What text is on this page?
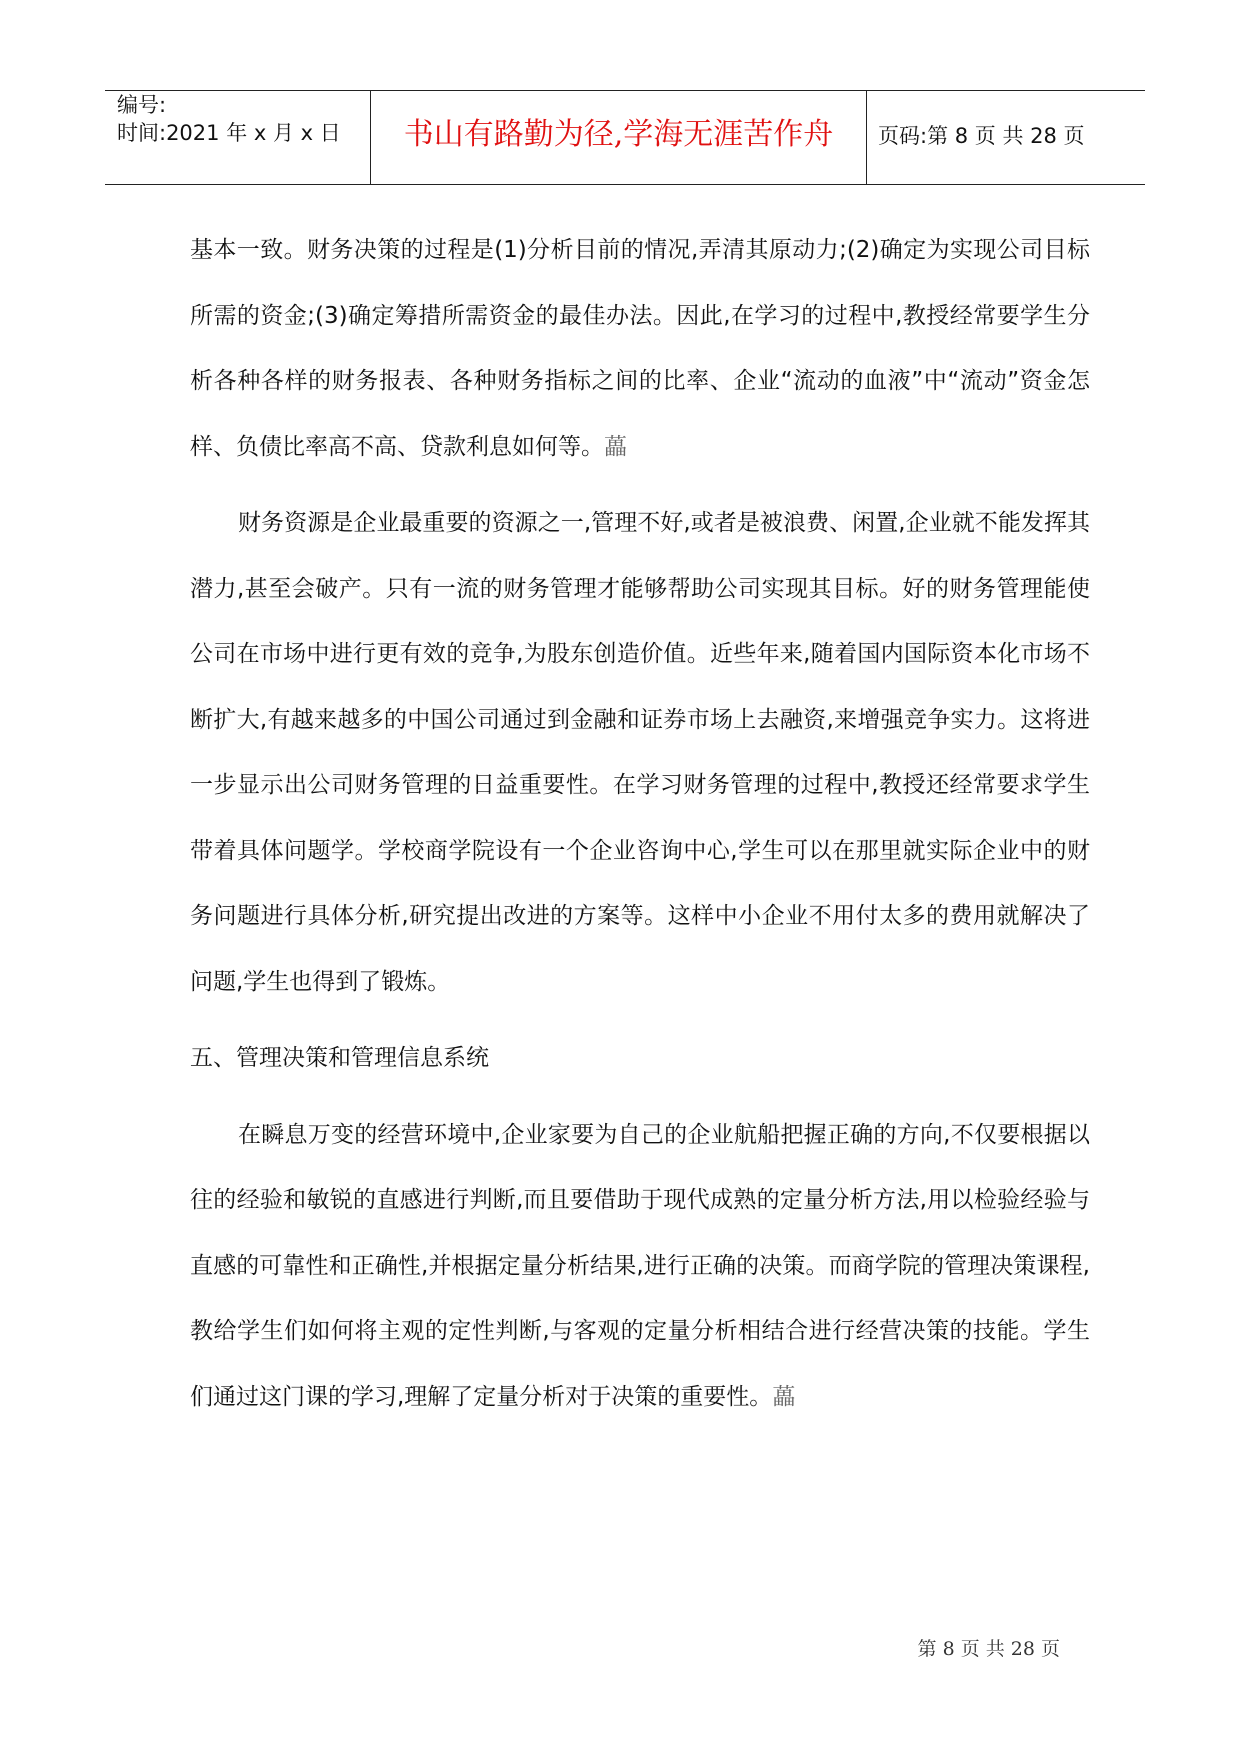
编号:
时间:2021 年 x 月 x 日	书山有路勤为径,学海无涯苦作舟	页码:第 8 页 共 28 页

基本一致。财务决策的过程是(1)分析目前的情况,弄清其原动力;(2)确定为实现公司目标所需的资金;(3)确定筹措所需资金的最佳办法。因此,在学习的过程中,教授经常要学生分析各种各样的财务报表、各种财务指标之间的比率、企业“流动的血液”中“流动”资金怎样、负债比率高不高、贷款利息如何等。藟

财务资源是企业最重要的资源之一,管理不好,或者是被浪费、闲置,企业就不能发挥其潜力,甚至会破产。只有一流的财务管理才能够帮助公司实现其目标。好的财务管理能使公司在市场中进行更有效的竞争,为股东创造价值。近些年来,随着国内国际资本化市场不断扩大,有越来越多的中国公司通过到金融和证券市场上去融资,来增强竞争实力。这将进一步显示出公司财务管理的日益重要性。在学习财务管理的过程中,教授还经常要求学生带着具体问题学。学校商学院设有一个企业咨询中心,学生可以在那里就实际企业中的财务问题进行具体分析,研究提出改进的方案等。这样中小企业不用付太多的费用就解决了问题,学生也得到了锻炼。

五、管理决策和管理信息系统

在瞬息万变的经营环境中,企业家要为自己的企业航船把握正确的方向,不仅要根据以往的经验和敏锐的直感进行判断,而且要借助于现代成熟的定量分析方法,用以检验经验与直感的可靠性和正确性,并根据定量分析结果,进行正确的决策。而商学院的管理决策课程,教给学生们如何将主观的定性判断,与客观的定量分析相结合进行经营决策的技能。学生们通过这门课的学习,理解了定量分析对于决策的重要性。藟

第 8 页 共 28 页
